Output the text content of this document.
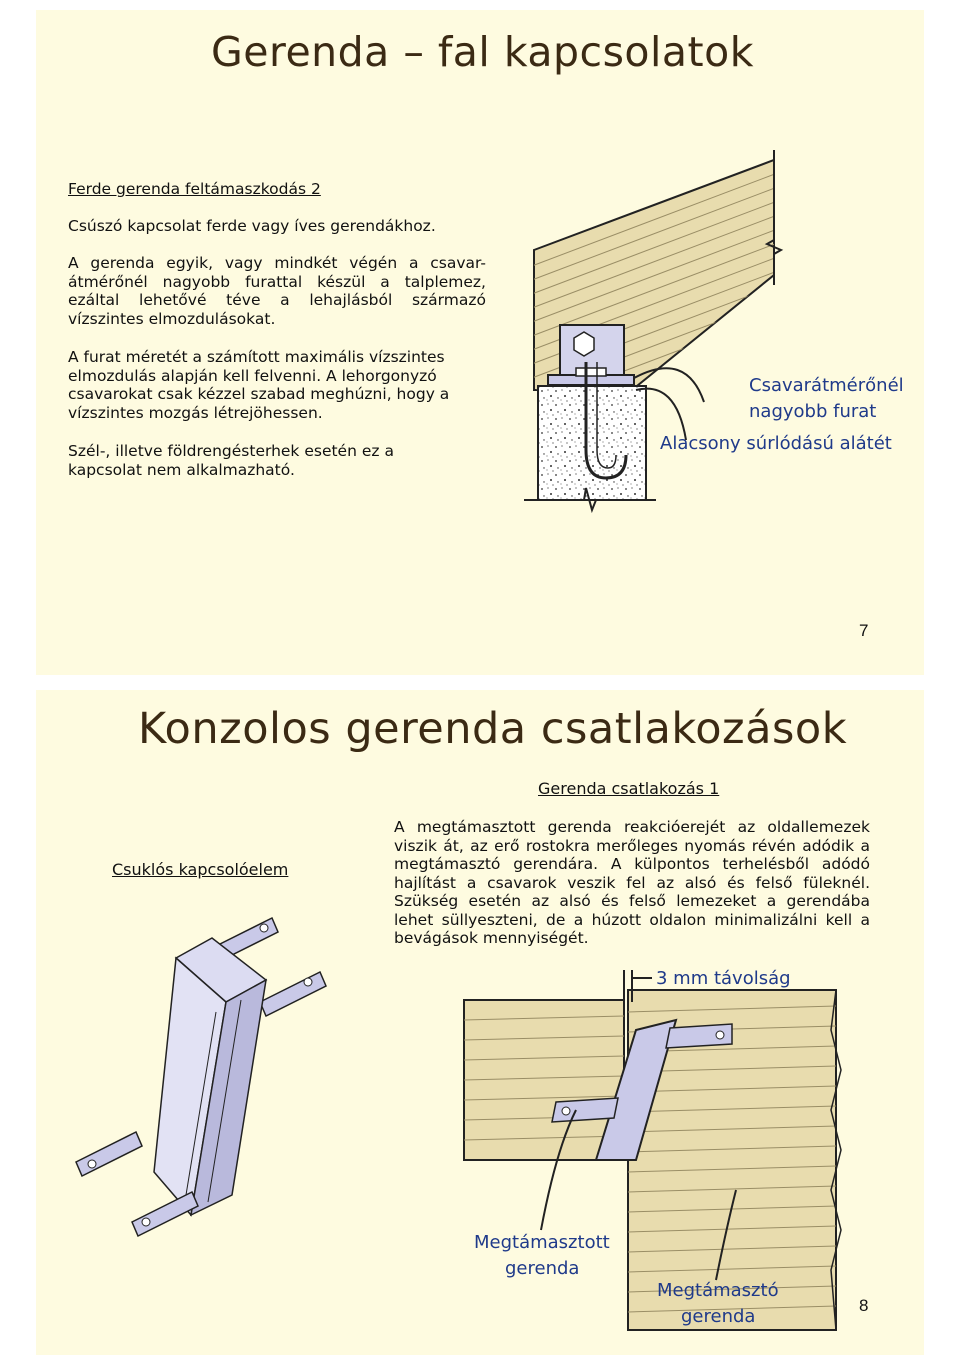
Gerenda – fal kapcsolatok
Ferde gerenda feltámaszkodás 2
Csúszó kapcsolat ferde vagy íves gerendákhoz.
A gerenda egyik, vagy mindkét végén a csavar-átmérőnél nagyobb furattal készül a talplemez, ezáltal lehetővé téve a lehajlásból származó vízszintes elmozdulásokat.
A furat méretét a számított maximális vízszintes elmozdulás alapján kell felvenni. A lehorgonyzó csavarokat csak kézzel szabad meghúzni, hogy a vízszintes mozgás létrejöhessen.
Szél-, illetve földrengésterhek esetén ez a kapcsolat nem alkalmazható.
Csavarátmérőnél
nagyobb furat
Alacsony súrlódású alátét
7
Konzolos gerenda csatlakozások
Gerenda csatlakozás 1
A megtámasztott gerenda reakcióerejét az oldallemezek viszik át, az erő rostokra merőleges nyomás révén adódik a megtámasztó gerendára. A külpontos terhelésből adódó hajlítást a csavarok veszik fel az alsó és felső füleknél. Szükség esetén az alsó és felső lemezeket a gerendába lehet süllyeszteni, de a húzott oldalon minimalizálni kell a bevágások mennyiségét.
Csuklós kapcsolóelem
3 mm távolság
Megtámasztott
gerenda
Megtámasztó
gerenda
8
